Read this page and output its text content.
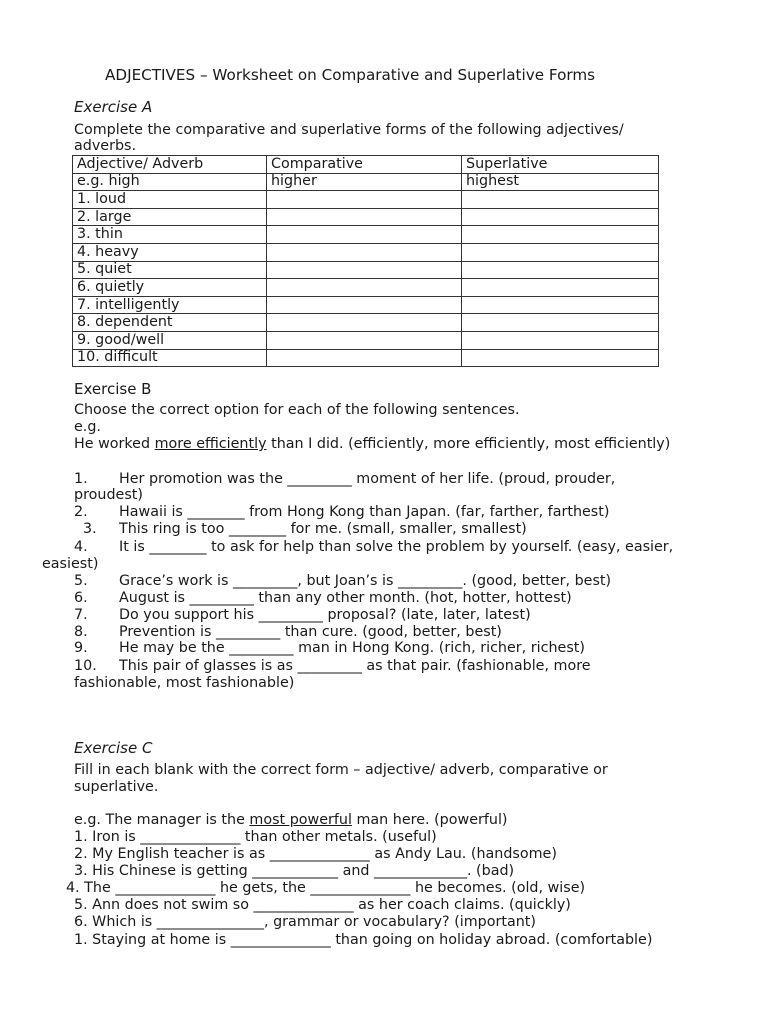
ADJECTIVES – Worksheet on Comparative and Superlative Forms
Exercise A
Complete the comparative and superlative forms of the following adjectives/
adverbs.
Adjective/ Adverb	Comparative	Superlative
e.g. high	higher	highest
1. loud		
2. large		
3. thin		
4. heavy		
5. quiet		
6. quietly		
7. intelligently		
8. dependent		
9. good/well		
10. difficult		
Exercise B
Choose the correct option for each of the following sentences.
e.g.
He worked more efficiently than I did. (efficiently, more efficiently, most efficiently)
1. Her promotion was the _________ moment of her life. (proud, prouder,
proudest)
2. Hawaii is ________ from Hong Kong than Japan. (far, farther, farthest)
3. This ring is too ________ for me. (small, smaller, smallest)
4. It is ________ to ask for help than solve the problem by yourself. (easy, easier,
easiest)
5. Grace’s work is _________, but Joan’s is _________. (good, better, best)
6. August is _________ than any other month. (hot, hotter, hottest)
7. Do you support his _________ proposal? (late, later, latest)
8. Prevention is _________ than cure. (good, better, best)
9. He may be the _________ man in Hong Kong. (rich, richer, richest)
10. This pair of glasses is as _________ as that pair. (fashionable, more
fashionable, most fashionable)
Exercise C
Fill in each blank with the correct form – adjective/ adverb, comparative or
superlative.
e.g. The manager is the most powerful man here. (powerful)
1. Iron is ______________ than other metals. (useful)
2. My English teacher is as ______________ as Andy Lau. (handsome)
3. His Chinese is getting ____________ and _____________. (bad)
4. The ______________ he gets, the ______________ he becomes. (old, wise)
5. Ann does not swim so ______________ as her coach claims. (quickly)
6. Which is _______________, grammar or vocabulary? (important)
1. Staying at home is ______________ than going on holiday abroad. (comfortable)
